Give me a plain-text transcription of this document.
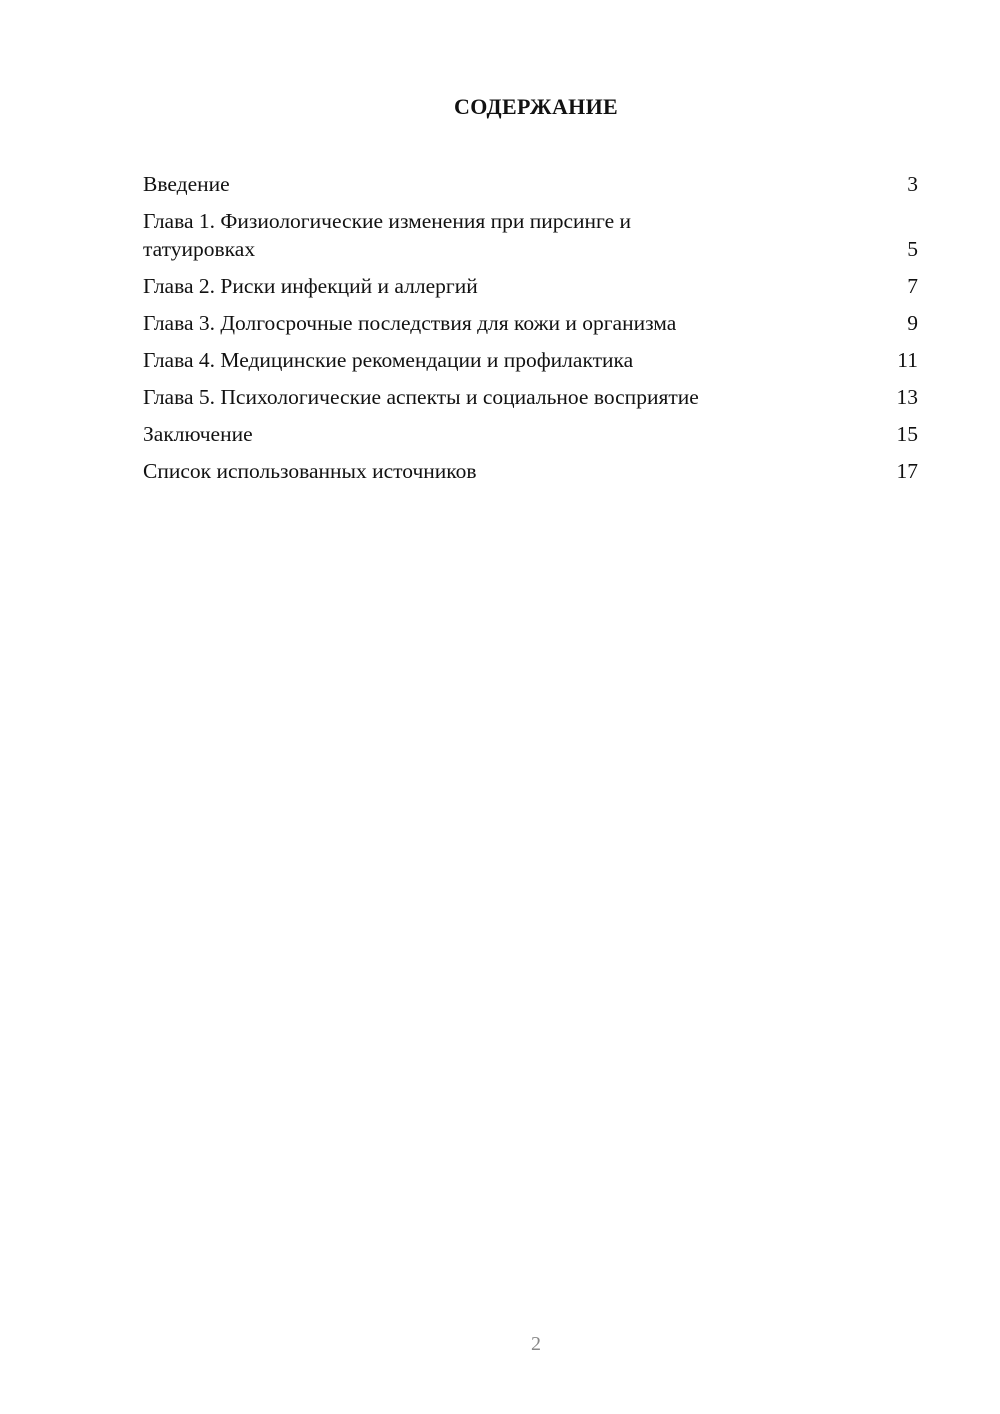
СОДЕРЖАНИЕ
Введение	3
Глава 1. Физиологические изменения при пирсинге и татуировках	5
Глава 2. Риски инфекций и аллергий	7
Глава 3. Долгосрочные последствия для кожи и организма	9
Глава 4. Медицинские рекомендации и профилактика	11
Глава 5. Психологические аспекты и социальное восприятие	13
Заключение	15
Список использованных источников	17
2
